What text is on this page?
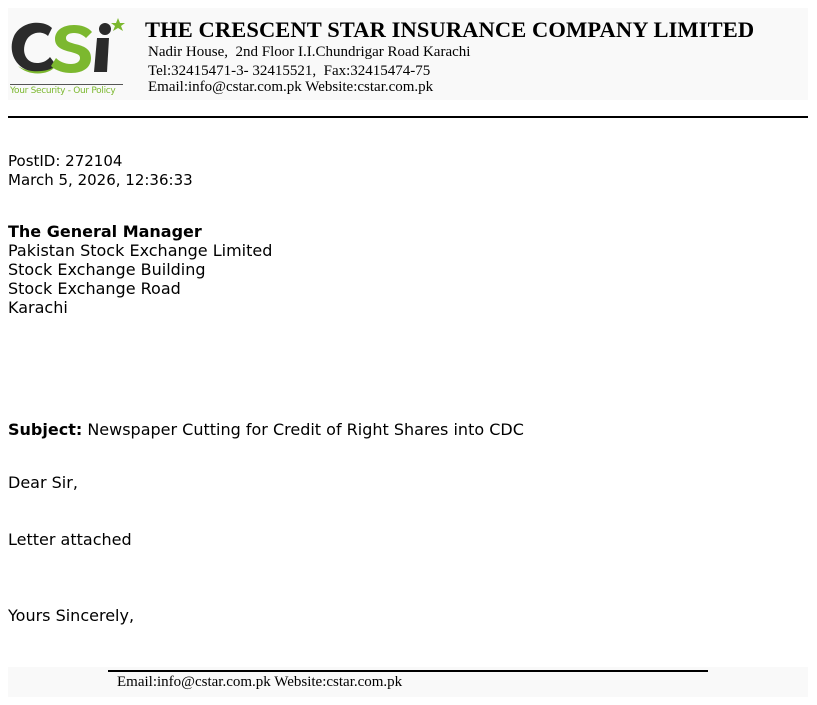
Your Security - Our Policy
THE CRESCENT STAR INSURANCE COMPANY LIMITED
Nadir House,  2nd Floor I.I.Chundrigar Road Karachi
Tel:32415471-3- 32415521,  Fax:32415474-75
Email:info@cstar.com.pk Website:cstar.com.pk
PostID: 272104
March 5, 2026, 12:36:33
The General Manager
Pakistan Stock Exchange Limited
Stock Exchange Building
Stock Exchange Road
Karachi
Subject: Newspaper Cutting for Credit of Right Shares into CDC
Dear Sir,
Letter attached
Yours Sincerely,
Email:info@cstar.com.pk Website:cstar.com.pk
